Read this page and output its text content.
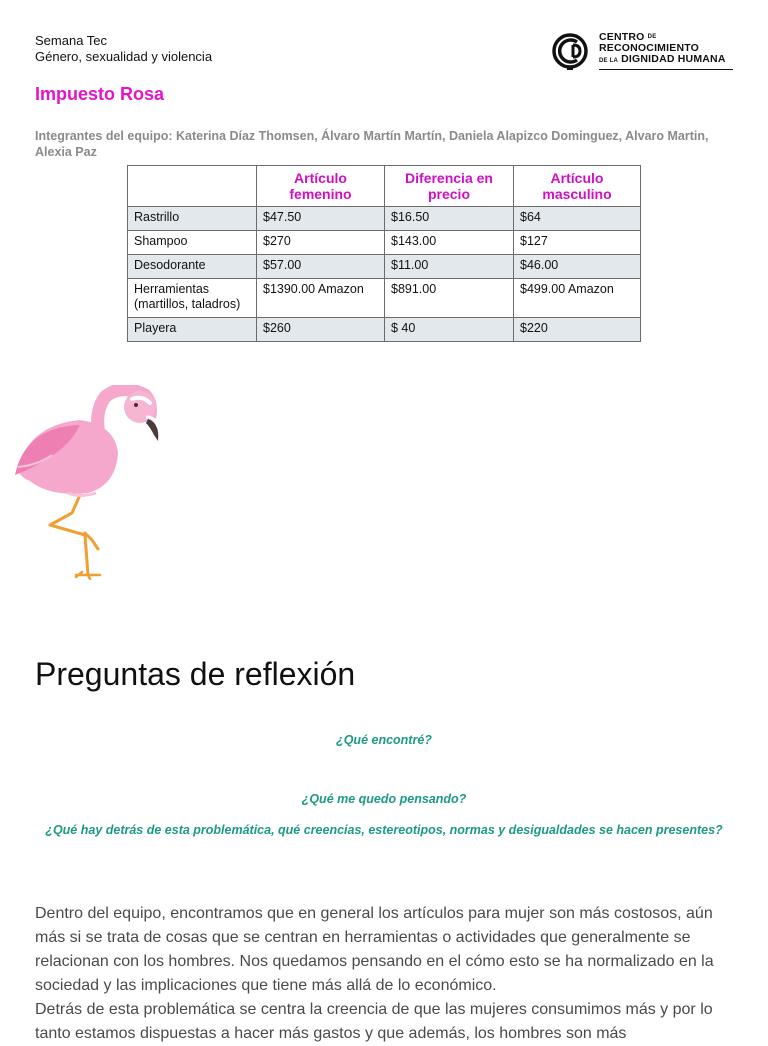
Semana Tec
Género, sexualidad y violencia
CENTRO $^{DE}$
RECONOCIMIENTO
DE LA DIGNIDAD HUMANA
Impuesto Rosa
Integrantes del equipo: Katerina Díaz Thomsen, Álvaro Martín Martín, Daniela Alapizco Dominguez, Alvaro Martin, Alexia Paz
	Artículo femenino	Diferencia en precio	Artículo masculino
Rastrillo	$47.50	$16.50	$64
Shampoo	$270	$143.00	$127
Desodorante	$57.00	$11.00	$46.00
Herramientas (martillos, taladros)	$1390.00 Amazon	$891.00	$499.00 Amazon
Playera	$260	$ 40	$220
Preguntas de reflexión
¿Qué encontré?
¿Qué me quedo pensando?
¿Qué hay detrás de esta problemática, qué creencias, estereotipos, normas y desigualdades se hacen presentes?
Dentro del equipo, encontramos que en general los artículos para mujer son más costosos, aún más si se trata de cosas que se centran en herramientas o actividades que generalmente se relacionan con los hombres. Nos quedamos pensando en el cómo esto se ha normalizado en la sociedad y las implicaciones que tiene más allá de lo económico.
Detrás de esta problemática se centra la creencia de que las mujeres consumimos más y por lo tanto estamos dispuestas a hacer más gastos y que además, los hombres son más
